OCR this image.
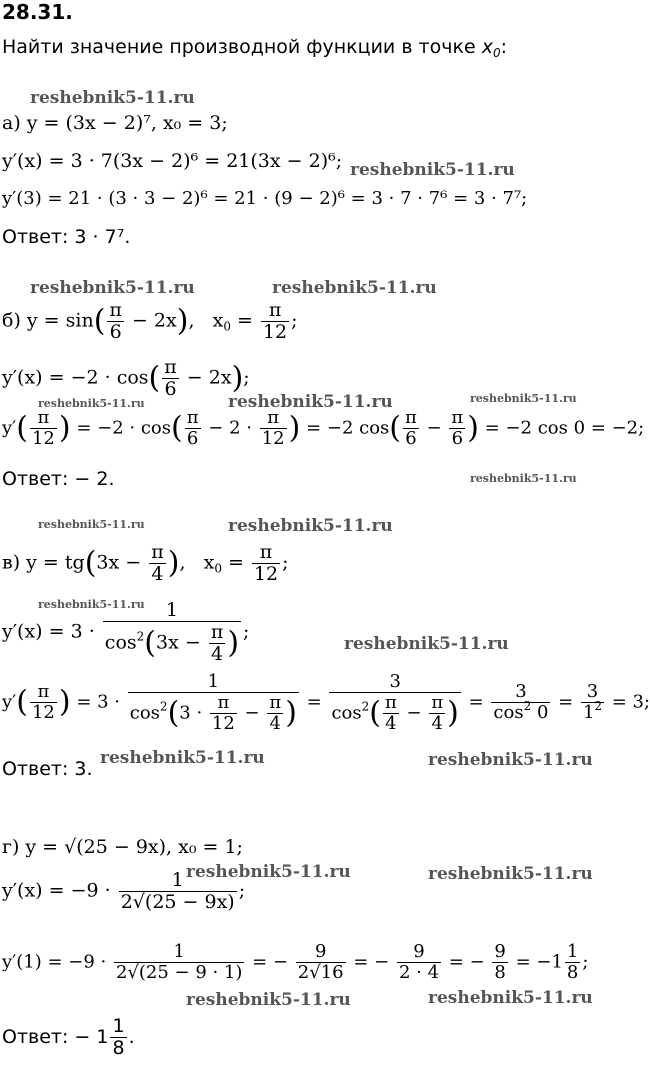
28.31.
Найти значение производной функции в точке $x_0$:
reshebnik5-11.ru
а) y = (3x − 2)⁷, x₀ = 3;
y′(x) = 3 · 7(3x − 2)⁶ = 21(3x − 2)⁶; reshebnik5-11.ru
y′(3) = 21 · (3 · 3 − 2)⁶ = 21 · (9 − 2)⁶ = 3 · 7 · 7⁶ = 3 · 7⁷;
Ответ: 3 · 7⁷.
reshebnik5-11.ru	reshebnik5-11.ru
б) $y = \sin( \frac{\pi}{6} - 2x)$,   $x_0 = \frac{\pi}{12}$ ;
$y'(x) = -2 \cdot \cos( \frac{\pi}{6} - 2x)$;
reshebnik5-11.ru	reshebnik5-11.ru	reshebnik5-11.ru
$y'( \frac{\pi}{12}$ ) = $-2 \cdot \cos( \frac{\pi}{6} - 2 \cdot \frac{\pi}{12}$ ) = −2 $\cos( \frac{\pi}{6} - \frac{\pi}{6}$ ) = −2 cos 0 = −2;
Ответ: − 2.	reshebnik5-11.ru
reshebnik5-11.ru	reshebnik5-11.ru
в) $y = tg(3x - \frac{\pi}{4}$ ),   $x_0 = \frac{\pi}{12}$ ;
reshebnik5-11.ru
$y'(x) = 3 \cdot \frac{1}{\cos^2(3x - \frac{\pi}{4} )}$ ;
reshebnik5-11.ru
$y'( \frac{\pi}{12}$ ) = $3 \cdot \frac{1}{\cos^2(3 \cdot \frac{\pi}{12} - \frac{\pi}{4} )} = \frac{3}{\cos^2( \frac{\pi}{4} - \frac{\pi}{4} )} = \frac{3}{\cos^2 0} = \frac{3}{1^2} = 3$;
reshebnik5-11.ru	reshebnik5-11.ru
Ответ: 3.
г) y = √(25 − 9x), x₀ = 1;
reshebnik5-11.ru	reshebnik5-11.ru
$y'(x) = -9 \cdot \frac{1}{2√(25 - 9x)}$ ;
$y'(1) = -9 \cdot \frac{1}{2√(25 - 9 \cdot 1)}$ = − $\frac{9}{2√16}$ = − $\frac{9}{2 \cdot 4}$ = − $\frac{9}{8} = -1 \frac{1}{8}$ ;
reshebnik5-11.ru	reshebnik5-11.ru
Ответ: − $1 \frac{1}{8}$ .
